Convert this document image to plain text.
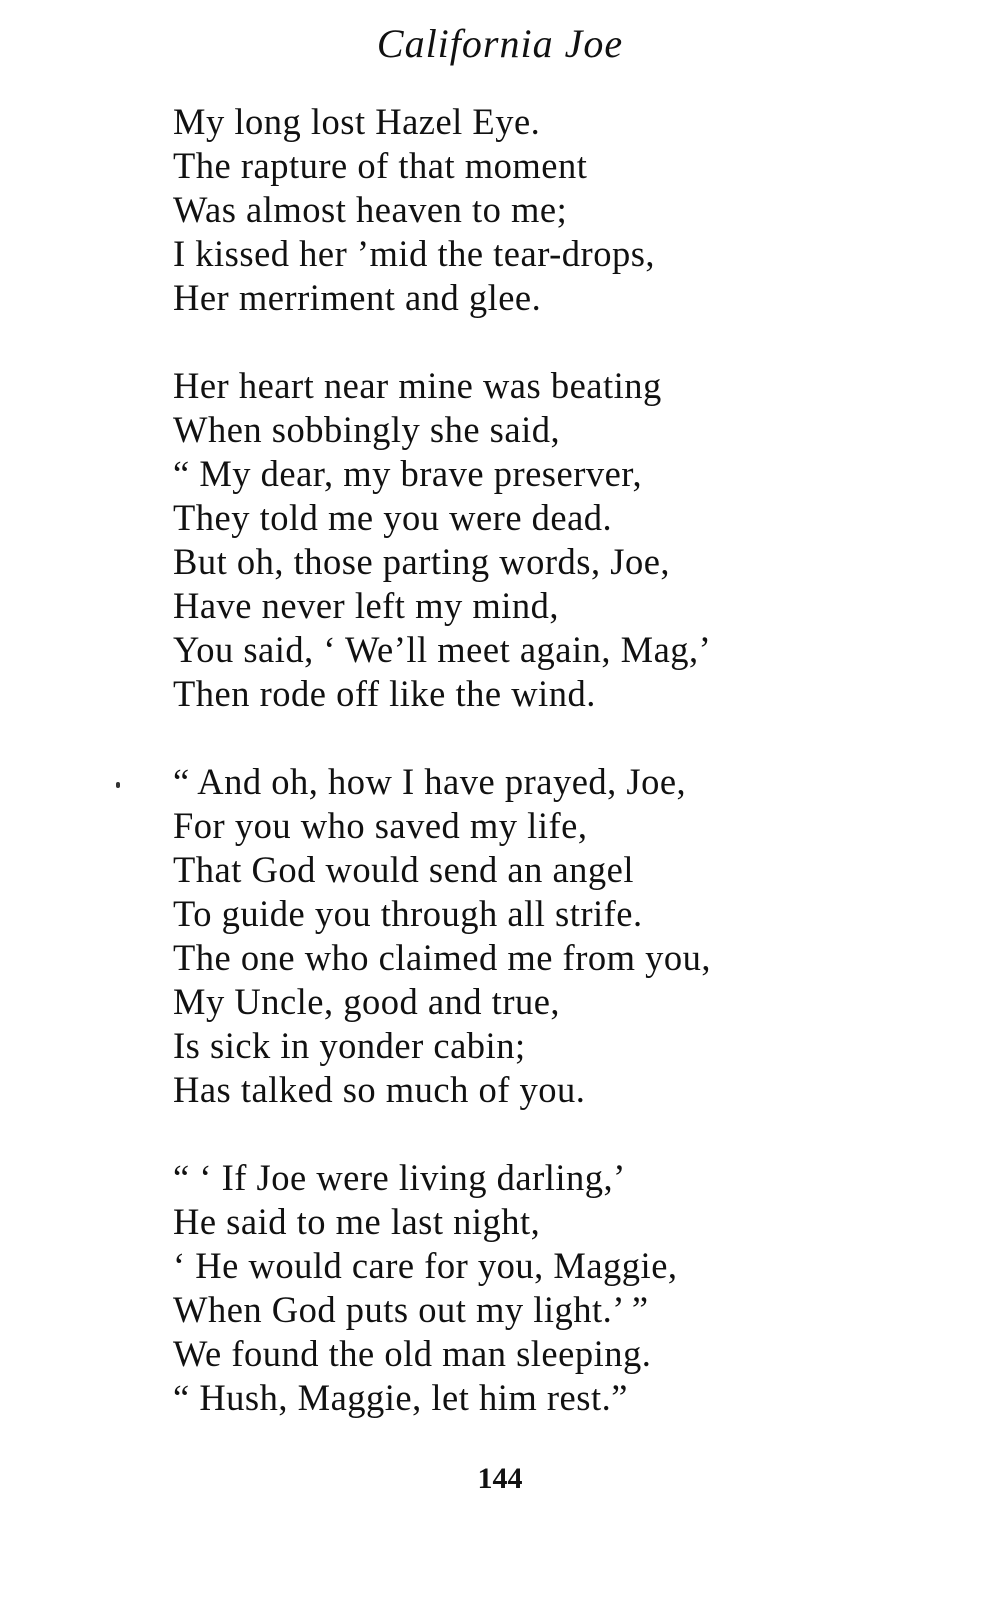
California Joe
My long lost Hazel Eye.
The rapture of that moment
Was almost heaven to me;
I kissed her ’mid the tear-drops,
Her merriment and glee.
Her heart near mine was beating
When sobbingly she said,
“ My dear, my brave preserver,
They told me you were dead.
But oh, those parting words, Joe,
Have never left my mind,
You said, ‘ We’ll meet again, Mag,’
Then rode off like the wind.
“ And oh, how I have prayed, Joe,
For you who saved my life,
That God would send an angel
To guide you through all strife.
The one who claimed me from you,
My Uncle, good and true,
Is sick in yonder cabin;
Has talked so much of you.
“ ‘ If Joe were living darling,’
He said to me last night,
‘ He would care for you, Maggie,
When God puts out my light.’ ”
We found the old man sleeping.
“ Hush, Maggie, let him rest.”
144
